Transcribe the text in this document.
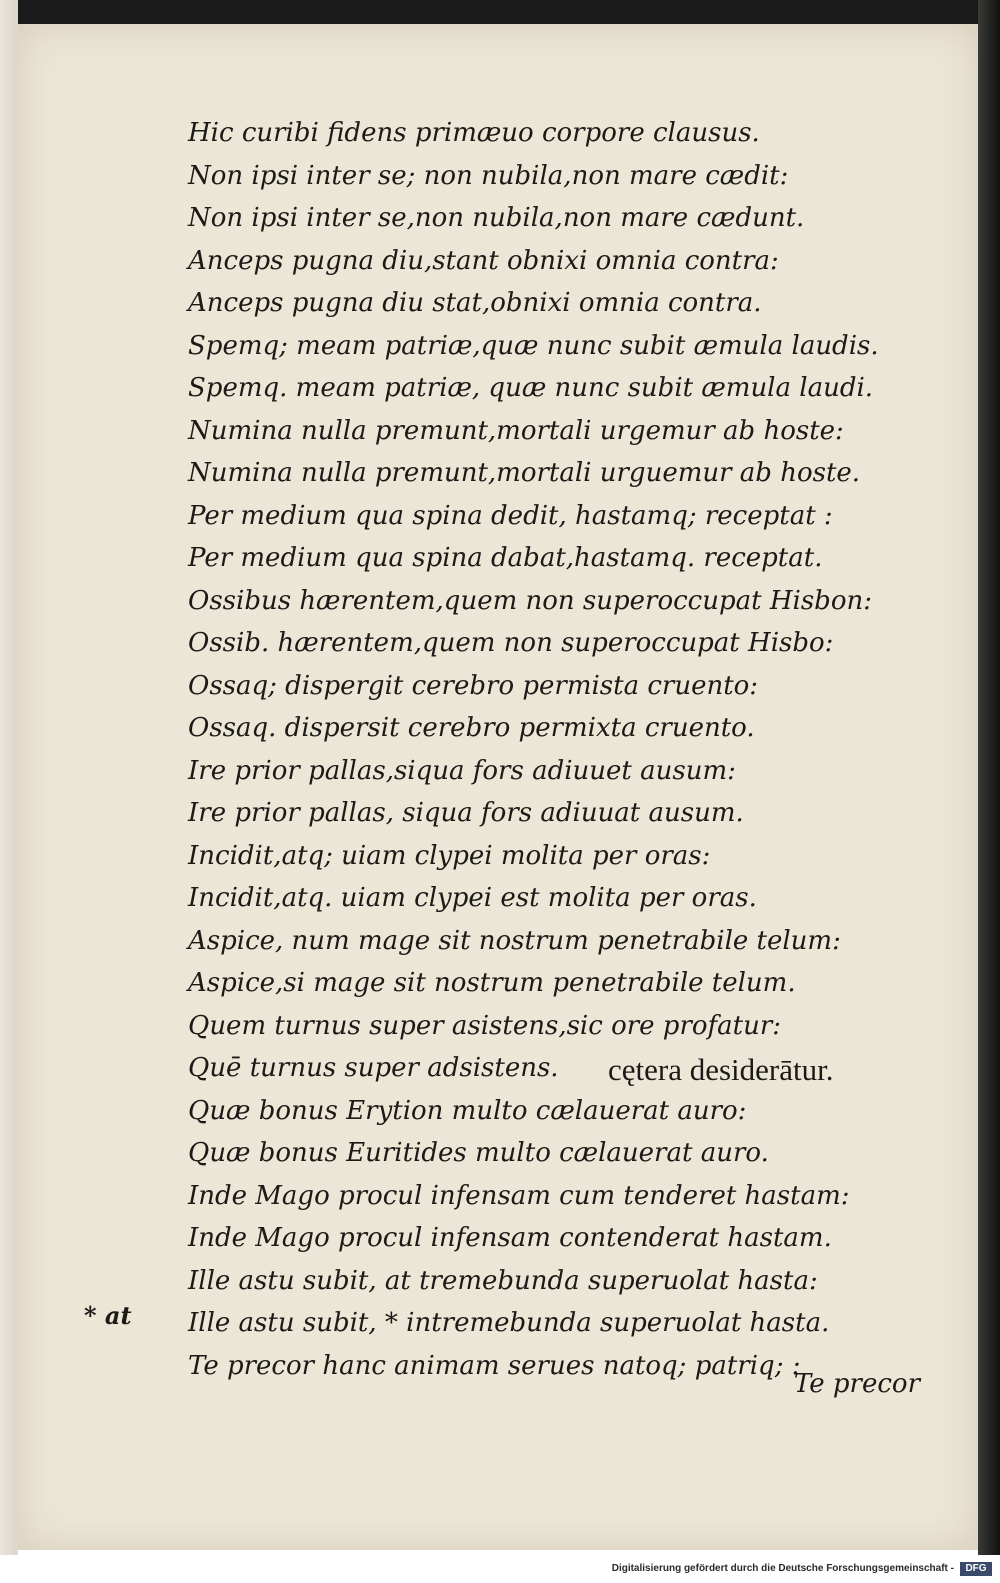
Hic curibi fidens primæuo corpore clausus.

Non ipsi inter se; non nubila,non mare cædit:

Non ipsi inter se,non nubila,non mare cædunt.

Anceps pugna diu,stant obnixi omnia contra:

Anceps pugna diu stat,obnixi omnia contra.

Spemq; meam patriæ,quæ nunc subit æmula laudis.

Spemq. meam patriæ, quæ nunc subit æmula laudi.

Numina nulla premunt,mortali urgemur ab hoste:

Numina nulla premunt,mortali urguemur ab hoste.

Per medium qua spina dedit, hastamq; receptat :

Per medium qua spina dabat,hastamq. receptat.

Ossibus hærentem,quem non superoccupat Hisbon:

Ossib. hærentem,quem non superoccupat Hisbo:

Ossaq; dispergit cerebro permista cruento:

Ossaq. dispersit cerebro permixta cruento.

Ire prior pallas,siqua fors adiuuet ausum:

Ire prior pallas, siqua fors adiuuat ausum.

Incidit,atq; uiam clypei molita per oras:

Incidit,atq. uiam clypei est molita per oras.

Aspice, num mage sit nostrum penetrabile telum:

Aspice,si mage sit nostrum penetrabile telum.

Quem turnus super asistens,sic ore profatur:

Quē turnus super adsistens.

Quæ bonus Erytion multo cælauerat auro:

Quæ bonus Euritides multo cælauerat auro.

Inde Mago procul infensam cum tenderet hastam:

Inde Mago procul infensam contenderat hastam.

Ille astu subit, at tremebunda superuolat hasta:

Ille astu subit, * intremebunda superuolat hasta.

Te precor hanc animam serues natoq; patriq; :

cętera desiderātur.

* at

Te precor

Digitalisierung gefördert durch die Deutsche Forschungsgemeinschaft -	DFG
